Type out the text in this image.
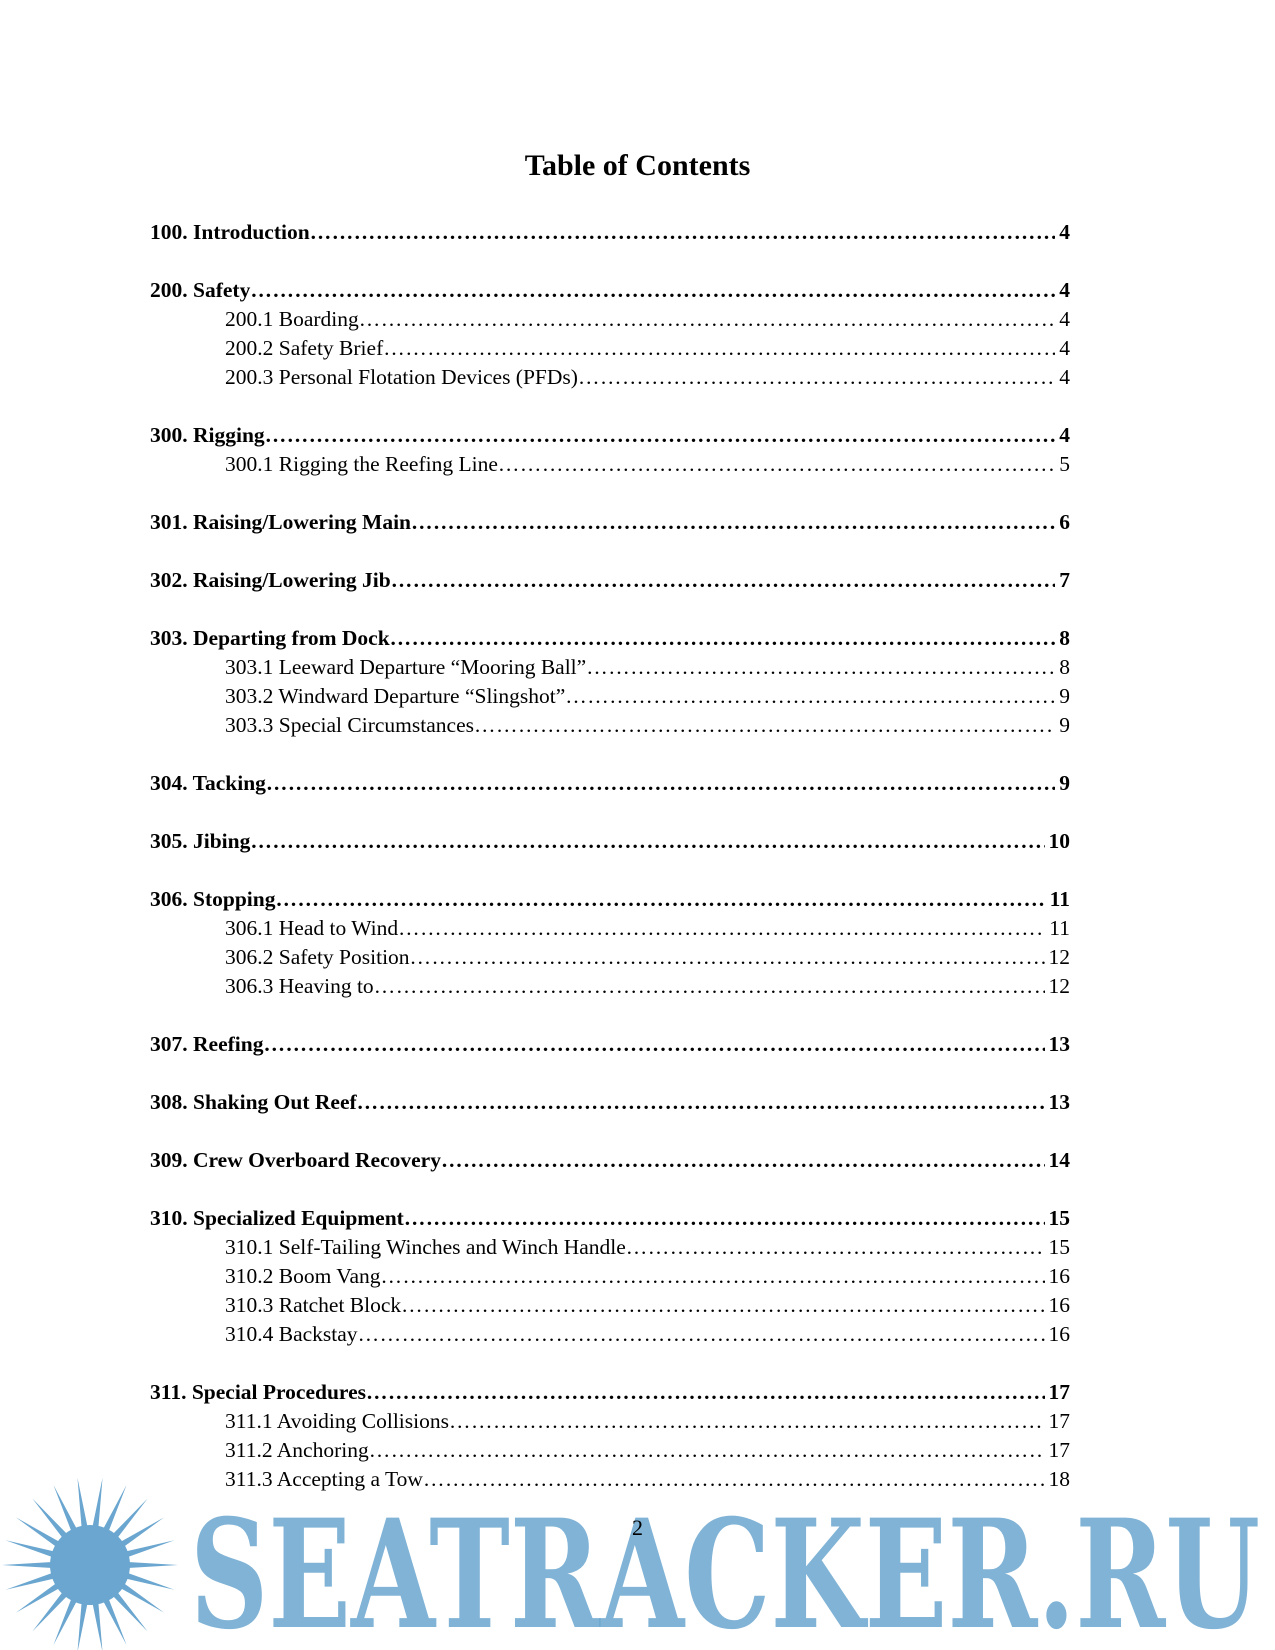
Table of Contents
100. Introduction ……………………………………………………………………………………………………………………………………………………	4
200. Safety ……………………………………………………………………………………………………………………………………………………	4
200.1 Boarding ……………………………………………………………………………………………………………………………………………………	4
200.2 Safety Brief ……………………………………………………………………………………………………………………………………………………	4
200.3 Personal Flotation Devices (PFDs) ……………………………………………………………………………………………………………………………………………………	4
300. Rigging ……………………………………………………………………………………………………………………………………………………	4
300.1 Rigging the Reefing Line ……………………………………………………………………………………………………………………………………………………	5
301. Raising/Lowering Main ……………………………………………………………………………………………………………………………………………………	6
302. Raising/Lowering Jib ……………………………………………………………………………………………………………………………………………………	7
303. Departing from Dock ……………………………………………………………………………………………………………………………………………………	8
303.1 Leeward Departure “Mooring Ball” ……………………………………………………………………………………………………………………………………………………	8
303.2 Windward Departure “Slingshot” ……………………………………………………………………………………………………………………………………………………	9
303.3 Special Circumstances ……………………………………………………………………………………………………………………………………………………	9
304. Tacking ……………………………………………………………………………………………………………………………………………………	9
305. Jibing ……………………………………………………………………………………………………………………………………………………	10
306. Stopping ……………………………………………………………………………………………………………………………………………………	11
306.1 Head to Wind ……………………………………………………………………………………………………………………………………………………	11
306.2 Safety Position ……………………………………………………………………………………………………………………………………………………	12
306.3 Heaving to ……………………………………………………………………………………………………………………………………………………	12
307. Reefing ……………………………………………………………………………………………………………………………………………………	13
308. Shaking Out Reef ……………………………………………………………………………………………………………………………………………………	13
309. Crew Overboard Recovery ……………………………………………………………………………………………………………………………………………………	14
310. Specialized Equipment ……………………………………………………………………………………………………………………………………………………	15
310.1 Self-Tailing Winches and Winch Handle ……………………………………………………………………………………………………………………………………………………	15
310.2 Boom Vang ……………………………………………………………………………………………………………………………………………………	16
310.3 Ratchet Block ……………………………………………………………………………………………………………………………………………………	16
310.4 Backstay ……………………………………………………………………………………………………………………………………………………	16
311. Special Procedures ……………………………………………………………………………………………………………………………………………………	17
311.1 Avoiding Collisions ……………………………………………………………………………………………………………………………………………………	17
311.2 Anchoring ……………………………………………………………………………………………………………………………………………………	17
311.3 Accepting a Tow ……………………………………………………………………………………………………………………………………………………	18
SEATRACKER.RU
2
